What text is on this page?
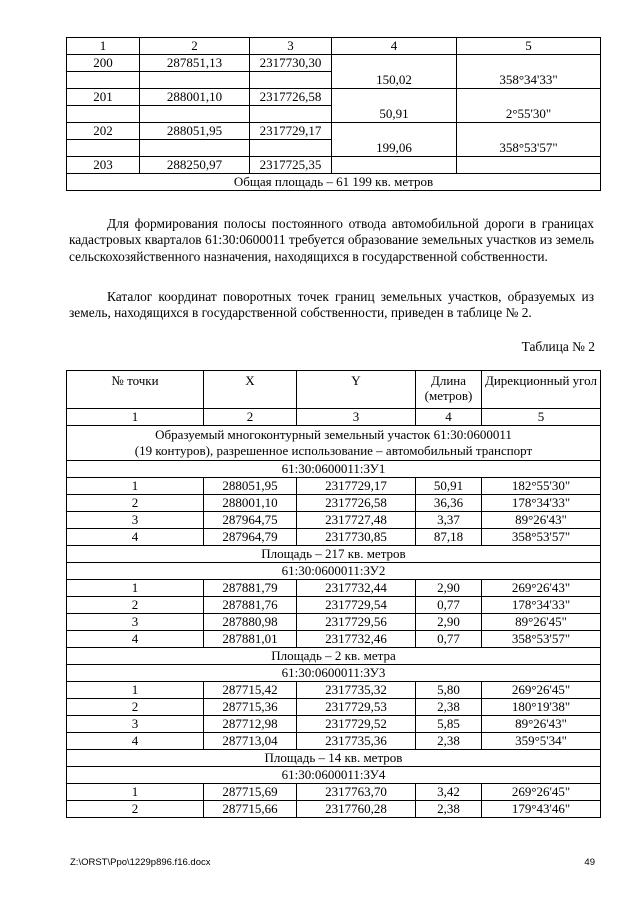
1	2	3	4	5
200	287851,13	2317730,30		
			150,02	358°34'33"
201	288001,10	2317726,58		
			50,91	2°55'30"
202	288051,95	2317729,17		
			199,06	358°53'57"
203	288250,97	2317725,35		
Общая площадь – 61 199 кв. метров				

Для формирования полосы постоянного отвода автомобильной дороги в границах кадастровых кварталов 61:30:0600011 требуется образование земельных участков из земель сельскохозяйственного назначения, находящихся в государственной собственности.

Каталог координат поворотных точек границ земельных участков, образуемых из земель, находящихся в государственной собственности, приведен в таблице № 2.

Таблица № 2
№ точки	X	Y	Длина (метров)	Дирекционный угол
1	2	3	4	5

Образуемый многоконтурный земельный участок 61:30:0600011
(19 контуров), разрешенное использование – автомобильный транспорт				

61:30:0600011:ЗУ1				
1	288051,95	2317729,17	50,91	182°55'30"
2	288001,10	2317726,58	36,36	178°34'33"
3	287964,75	2317727,48	3,37	89°26'43"
4	287964,79	2317730,85	87,18	358°53'57"
Площадь – 217 кв. метров				
61:30:0600011:ЗУ2				
1	287881,79	2317732,44	2,90	269°26'43"
2	287881,76	2317729,54	0,77	178°34'33"
3	287880,98	2317729,56	2,90	89°26'45"
4	287881,01	2317732,46	0,77	358°53'57"
Площадь – 2 кв. метра				
61:30:0600011:ЗУ3				
1	287715,42	2317735,32	5,80	269°26'45"
2	287715,36	2317729,53	2,38	180°19'38"
3	287712,98	2317729,52	5,85	89°26'43"
4	287713,04	2317735,36	2,38	359°5'34"
Площадь – 14 кв. метров				
61:30:0600011:ЗУ4				
1	287715,69	2317763,70	3,42	269°26'45"
2	287715,66	2317760,28	2,38	179°43'46"
Z:\ORST\Ppo\1229p896.f16.docx	49
